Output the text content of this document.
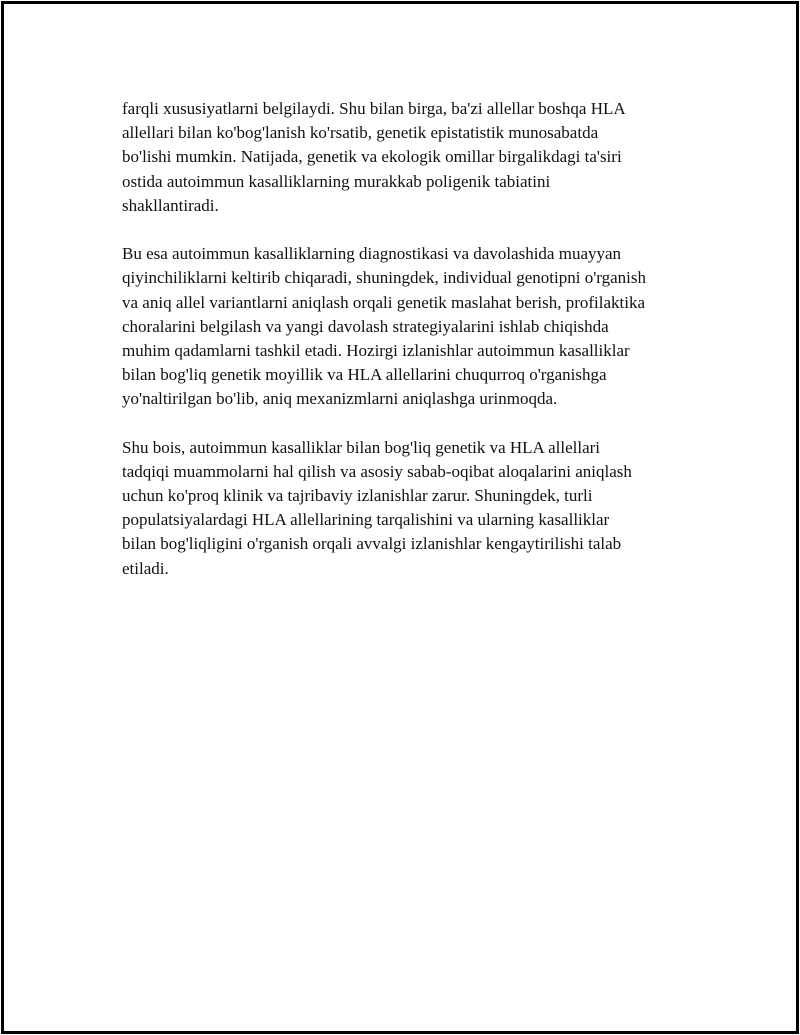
farqli xususiyatlarni belgilaydi. Shu bilan birga, ba'zi allellar boshqa HLA
allellari bilan ko'bog'lanish ko'rsatib, genetik epistatistik munosabatda
bo'lishi mumkin. Natijada, genetik va ekologik omillar birgalikdagi ta'siri
ostida autoimmun kasalliklarning murakkab poligenik tabiatini
shakllantiradi.

Bu esa autoimmun kasalliklarning diagnostikasi va davolashida muayyan
qiyinchiliklarni keltirib chiqaradi, shuningdek, individual genotipni o'rganish
va aniq allel variantlarni aniqlash orqali genetik maslahat berish, profilaktika
choralarini belgilash va yangi davolash strategiyalarini ishlab chiqishda
muhim qadamlarni tashkil etadi. Hozirgi izlanishlar autoimmun kasalliklar
bilan bog'liq genetik moyillik va HLA allellarini chuqurroq o'rganishga
yo'naltirilgan bo'lib, aniq mexanizmlarni aniqlashga urinmoqda.

Shu bois, autoimmun kasalliklar bilan bog'liq genetik va HLA allellari
tadqiqi muammolarni hal qilish va asosiy sabab-oqibat aloqalarini aniqlash
uchun ko'proq klinik va tajribaviy izlanishlar zarur. Shuningdek, turli
populatsiyalardagi HLA allellarining tarqalishini va ularning kasalliklar
bilan bog'liqligini o'rganish orqali avvalgi izlanishlar kengaytirilishi talab
etiladi.
